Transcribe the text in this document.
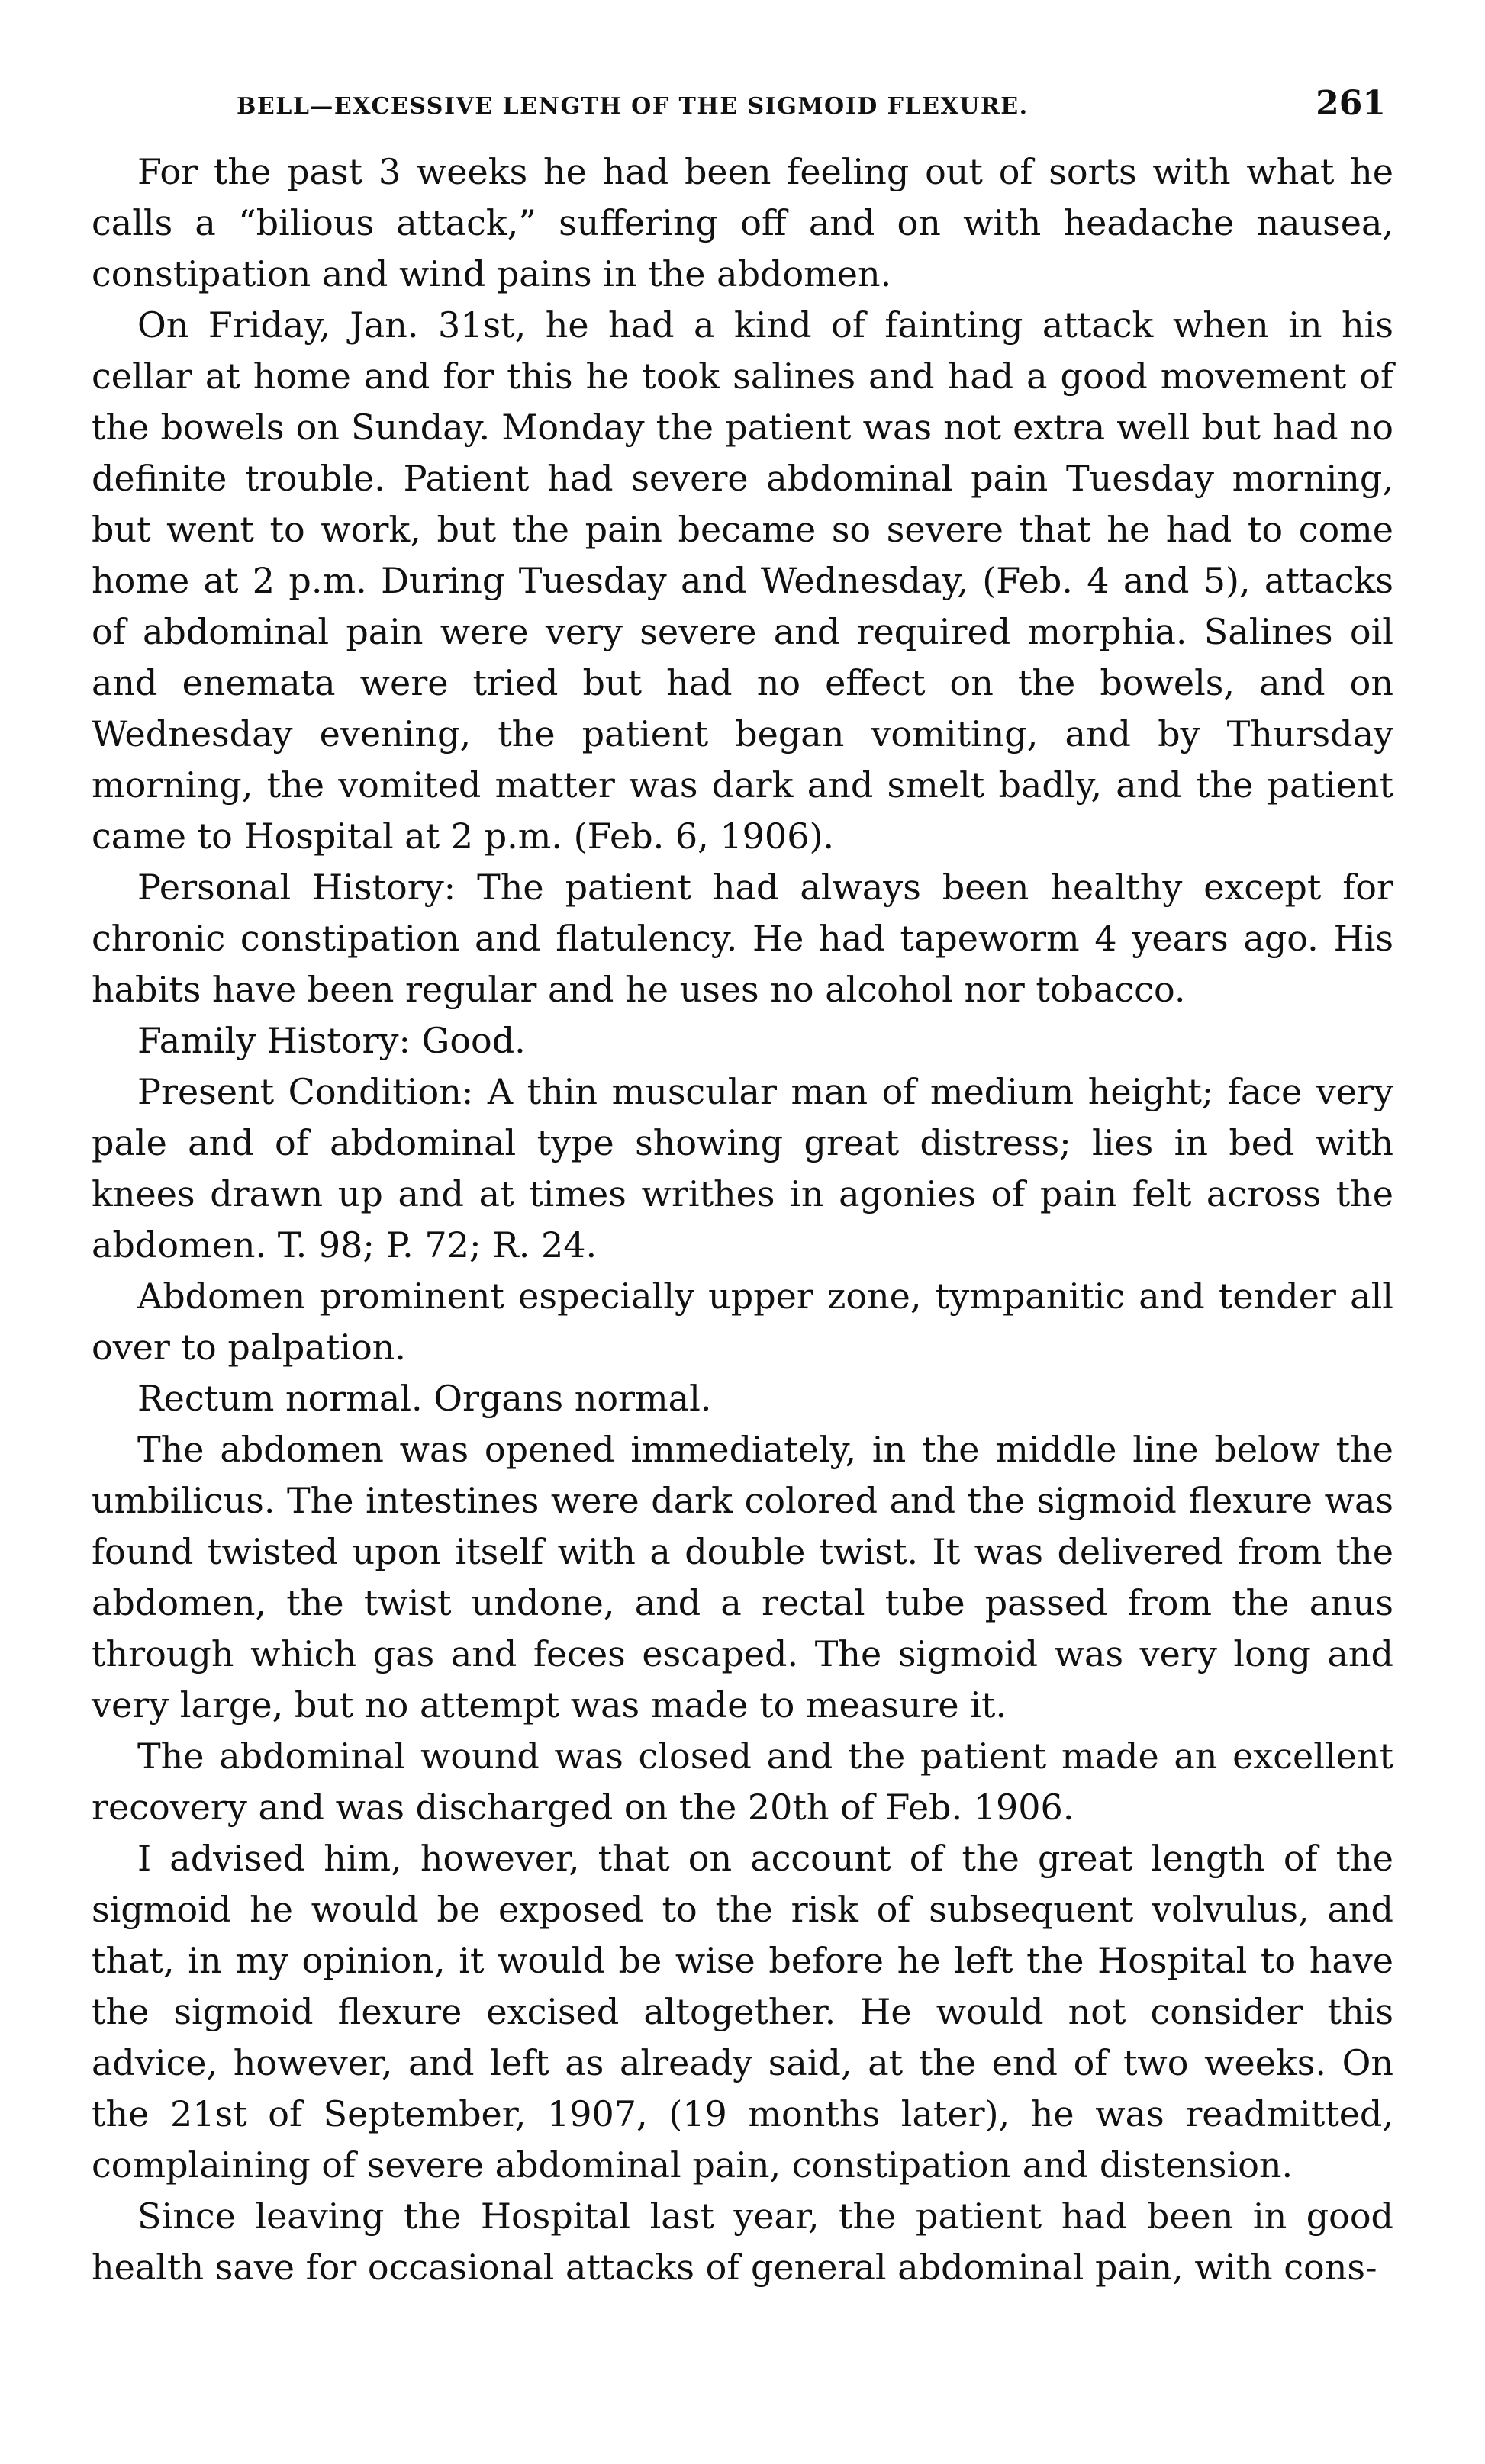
BELL—EXCESSIVE LENGTH OF THE SIGMOID FLEXURE.	261

For the past 3 weeks he had been feeling out of sorts with what he calls a “bilious attack,” suffering off and on with headache nausea, constipation and wind pains in the abdomen.

On Friday, Jan. 31st, he had a kind of fainting attack when in his cellar at home and for this he took salines and had a good movement of the bowels on Sunday. Monday the patient was not extra well but had no definite trouble. Patient had severe abdominal pain Tuesday morning, but went to work, but the pain became so severe that he had to come home at 2 p.m. During Tuesday and Wednesday, (Feb. 4 and 5), attacks of abdominal pain were very severe and required morphia. Salines oil and enemata were tried but had no effect on the bowels, and on Wednesday evening, the patient began vomiting, and by Thursday morning, the vomited matter was dark and smelt badly, and the patient came to Hospital at 2 p.m. (Feb. 6, 1906).

Personal History: The patient had always been healthy except for chronic constipation and flatulency. He had tapeworm 4 years ago. His habits have been regular and he uses no alcohol nor tobacco.

Family History: Good.

Present Condition: A thin muscular man of medium height; face very pale and of abdominal type showing great distress; lies in bed with knees drawn up and at times writhes in agonies of pain felt across the abdomen. T. 98; P. 72; R. 24.

Abdomen prominent especially upper zone, tympanitic and tender all over to palpation.

Rectum normal. Organs normal.

The abdomen was opened immediately, in the middle line below the umbilicus. The intestines were dark colored and the sigmoid flexure was found twisted upon itself with a double twist. It was delivered from the abdomen, the twist undone, and a rectal tube passed from the anus through which gas and feces escaped. The sigmoid was very long and very large, but no attempt was made to measure it.

The abdominal wound was closed and the patient made an excellent recovery and was discharged on the 20th of Feb. 1906.

I advised him, however, that on account of the great length of the sigmoid he would be exposed to the risk of subsequent volvulus, and that, in my opinion, it would be wise before he left the Hospital to have the sigmoid flexure excised altogether. He would not consider this advice, however, and left as already said, at the end of two weeks. On the 21st of September, 1907, (19 months later), he was readmitted, complaining of severe abdominal pain, constipation and distension.

Since leaving the Hospital last year, the patient had been in good health save for occasional attacks of general abdominal pain, with cons-
